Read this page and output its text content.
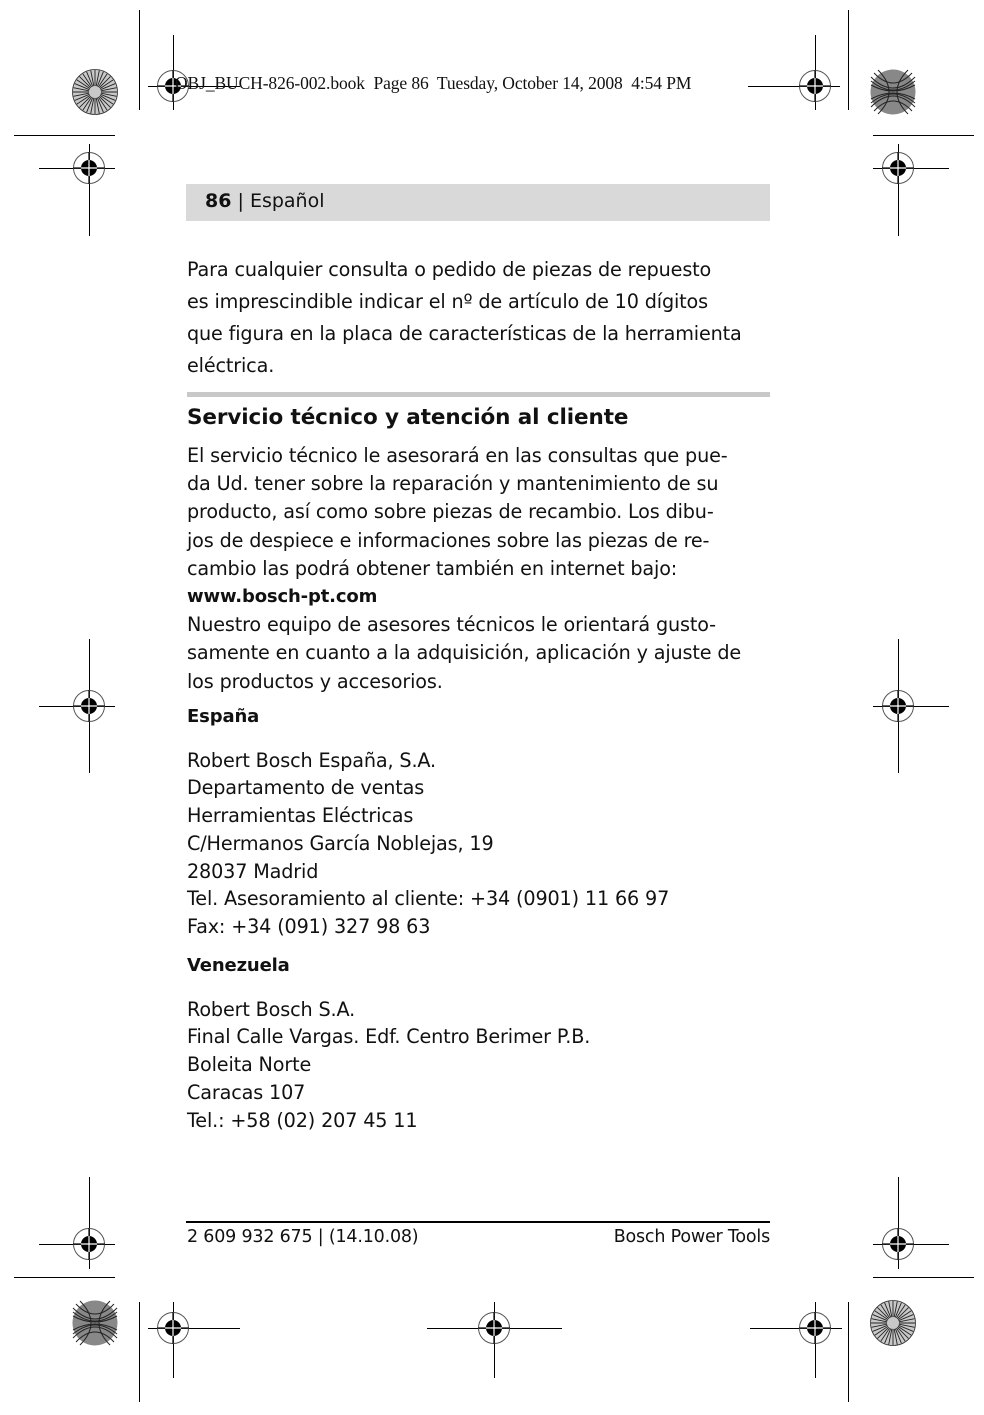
OBJ_BUCH-826-002.book  Page 86  Tuesday, October 14, 2008  4:54 PM
86 | Español
Para cualquier consulta o pedido de piezas de repuesto
es imprescindible indicar el nº de artículo de 10 dígitos
que figura en la placa de características de la herramienta
eléctrica.
Servicio técnico y atención al cliente
El servicio técnico le asesorará en las consultas que pue-
da Ud. tener sobre la reparación y mantenimiento de su
producto, así como sobre piezas de recambio. Los dibu-
jos de despiece e informaciones sobre las piezas de re-
cambio las podrá obtener también en internet bajo:
www.bosch-pt.com
Nuestro equipo de asesores técnicos le orientará gusto-
samente en cuanto a la adquisición, aplicación y ajuste de
los productos y accesorios.
España
Robert Bosch España, S.A.
Departamento de ventas
Herramientas Eléctricas
C/Hermanos García Noblejas, 19
28037 Madrid
Tel. Asesoramiento al cliente: +34 (0901) 11 66 97
Fax: +34 (091) 327 98 63
Venezuela
Robert Bosch S.A.
Final Calle Vargas. Edf. Centro Berimer P.B.
Boleita Norte
Caracas 107
Tel.: +58 (02) 207 45 11
2 609 932 675 | (14.10.08)	Bosch Power Tools
